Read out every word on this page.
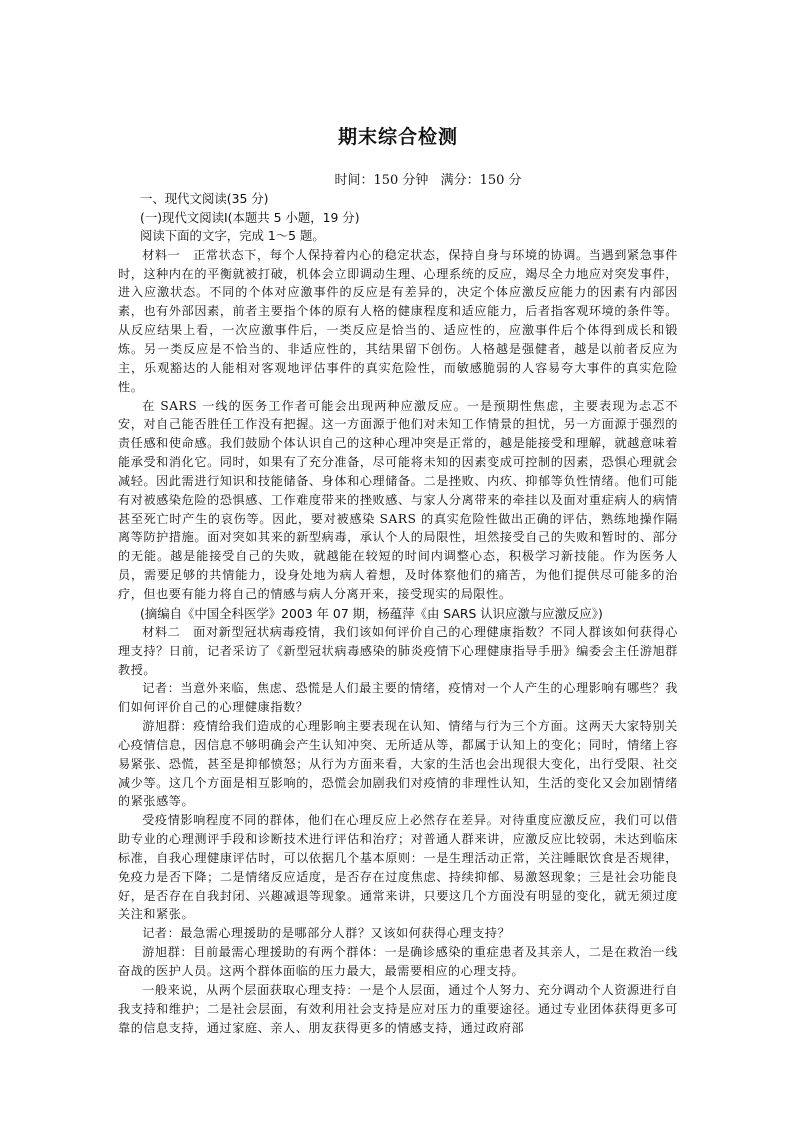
期末综合检测
时间：150 分钟 满分：150 分
一、现代文阅读(35 分)
(一)现代文阅读Ⅰ(本题共 5 小题，19 分)
阅读下面的文字，完成 1～5 题。

材料一　正常状态下，每个人保持着内心的稳定状态，保持自身与环境的协调。当遇到紧急事件时，这种内在的平衡就被打破，机体会立即调动生理、心理系统的反应，竭尽全力地应对突发事件，进入应激状态。不同的个体对应激事件的反应是有差异的，决定个体应激反应能力的因素有内部因素，也有外部因素，前者主要指个体的原有人格的健康程度和适应能力，后者指客观环境的条件等。从反应结果上看，一次应激事件后，一类反应是恰当的、适应性的，应激事件后个体得到成长和锻炼。另一类反应是不恰当的、非适应性的，其结果留下创伤。人格越是强健者，越是以前者反应为主，乐观豁达的人能相对客观地评估事件的真实危险性，而敏感脆弱的人容易夸大事件的真实危险性。

在 SARS 一线的医务工作者可能会出现两种应激反应。一是预期性焦虑，主要表现为忐忑不安，对自己能否胜任工作没有把握。这一方面源于他们对未知工作情景的担忧，另一方面源于强烈的责任感和使命感。我们鼓励个体认识自己的这种心理冲突是正常的，越是能接受和理解，就越意味着能承受和消化它。同时，如果有了充分准备，尽可能将未知的因素变成可控制的因素，恐惧心理就会减轻。因此需进行知识和技能储备、身体和心理储备。二是挫败、内疚、抑郁等负性情绪。他们可能有对被感染危险的恐惧感、工作难度带来的挫败感、与家人分离带来的牵挂以及面对重症病人的病情甚至死亡时产生的哀伤等。因此，要对被感染 SARS 的真实危险性做出正确的评估，熟练地操作隔离等防护措施。面对突如其来的新型病毒，承认个人的局限性，坦然接受自己的失败和暂时的、部分的无能。越是能接受自己的失败，就越能在较短的时间内调整心态，积极学习新技能。作为医务人员，需要足够的共情能力，设身处地为病人着想，及时体察他们的痛苦，为他们提供尽可能多的治疗，但也要有能力将自己的情感与病人分离开来，接受现实的局限性。

(摘编自《中国全科医学》2003 年 07 期，杨蕴萍《由 SARS 认识应激与应激反应》)

材料二　面对新型冠状病毒疫情，我们该如何评价自己的心理健康指数？不同人群该如何获得心理支持？日前，记者采访了《新型冠状病毒感染的肺炎疫情下心理健康指导手册》编委会主任游旭群教授。

记者：当意外来临，焦虑、恐慌是人们最主要的情绪，疫情对一个人产生的心理影响有哪些？我们如何评价自己的心理健康指数？

游旭群：疫情给我们造成的心理影响主要表现在认知、情绪与行为三个方面。这两天大家特别关心疫情信息，因信息不够明确会产生认知冲突、无所适从等，都属于认知上的变化；同时，情绪上容易紧张、恐慌，甚至是抑郁愤怒；从行为方面来看，大家的生活也会出现很大变化，出行受限、社交减少等。这几个方面是相互影响的，恐慌会加剧我们对疫情的非理性认知，生活的变化又会加剧情绪的紧张感等。

受疫情影响程度不同的群体，他们在心理反应上必然存在差异。对待重度应激反应，我们可以借助专业的心理测评手段和诊断技术进行评估和治疗；对普通人群来讲，应激反应比较弱，未达到临床标准，自我心理健康评估时，可以依据几个基本原则：一是生理活动正常，关注睡眠饮食是否规律，免疫力是否下降；二是情绪反应适度，是否存在过度焦虑、持续抑郁、易激怒现象；三是社会功能良好，是否存在自我封闭、兴趣减退等现象。通常来讲，只要这几个方面没有明显的变化，就无须过度关注和紧张。

记者：最急需心理援助的是哪部分人群？又该如何获得心理支持？

游旭群：目前最需心理援助的有两个群体：一是确诊感染的重症患者及其亲人，二是在救治一线奋战的医护人员。这两个群体面临的压力最大，最需要相应的心理支持。

一般来说，从两个层面获取心理支持：一是个人层面，通过个人努力、充分调动个人资源进行自我支持和维护；二是社会层面，有效利用社会支持是应对压力的重要途径。通过专业团体获得更多可靠的信息支持，通过家庭、亲人、朋友获得更多的情感支持，通过政府部
